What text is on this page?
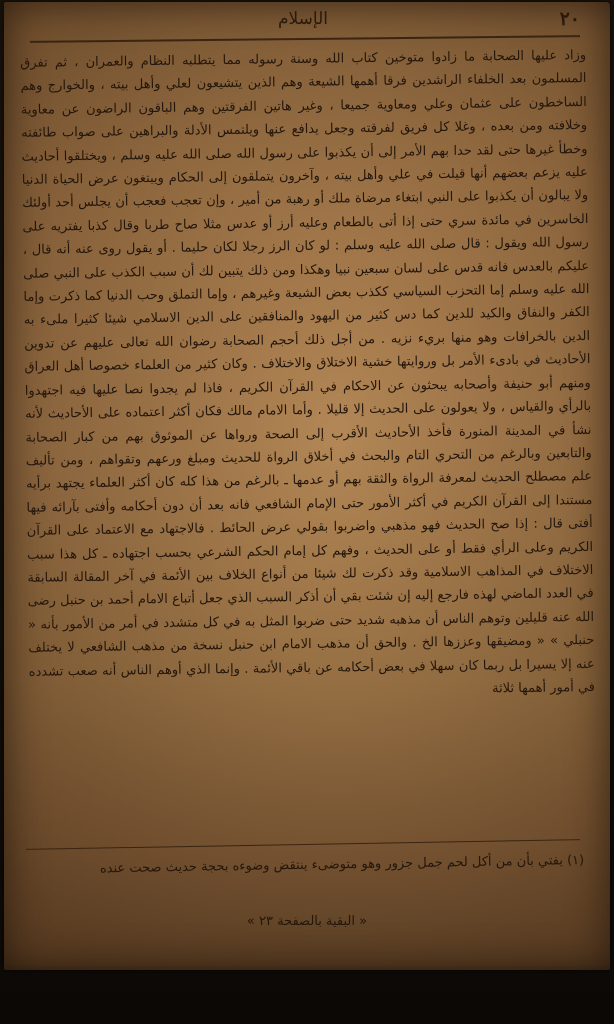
٢٠
الإسلام

وزاد عليها الصحابة ما زادوا متوخين كتاب الله وسنة رسوله مما يتطلبه النظام والعمران ، ثم تفرق المسلمون بعد الخلفاء الراشدين فرقا أهمها الشيعة وهم الذين يتشيعون لعلي وأهل بيته ، والخوارج وهم الساخطون على عثمان وعلي ومعاوية جميعا ، وغير هاتين الفرقتين وهم الباقون الراضون عن معاوية وخلافته ومن بعده ، وغلا كل فريق لفرقته وجعل يدافع عنها ويلتمس الأدلة والبراهين على صواب طائفته وخطأ غيرها حتى لقد حدا بهم الأمر إلى أن يكذبوا على رسول الله صلى الله عليه وسلم ، ويختلقوا أحاديث عليه يزعم بعضهم أنها قيلت في علي وأهل بيته ، وآخرون يتملقون إلى الحكام ويبتغون عرض الحياة الدنيا ولا يبالون أن يكذبوا على النبي ابتغاء مرضاة ملك أو رهبة من أمير ، وإن تعجب فعجب أن يجلس أحد أولئك الخاسرين في مائدة سري حتى إذا أتى بالطعام وعليه أرز أو عدس مثلا صاح طربا وقال كذبا يفتريه على رسول الله ويقول : قال صلى الله عليه وسلم : لو كان الرز رجلا لكان حليما . أو يقول روى عنه أنه قال ، عليكم بالعدس فانه قدس على لسان سبعين نبيا وهكذا ومن ذلك يتبين لك أن سبب الكذب على النبي صلى الله عليه وسلم إما التحزب السياسي ككذب بعض الشيعة وغيرهم ، وإما التملق وحب الدنيا كما ذكرت وإما الكفر والنفاق والكيد للدين كما دس كثير من اليهود والمنافقين على الدين الاسلامي شيئا كثيرا ملىء به الدين بالخرافات وهو منها بريء نزيه . من أجل ذلك أحجم الصحابة رضوان الله تعالى عليهم عن تدوين الأحاديث في بادىء الأمر بل وروايتها خشية الاختلاق والاختلاف . وكان كثير من العلماء خصوصا أهل العراق ومنهم أبو حنيفة وأصحابه يبحثون عن الاحكام في القرآن الكريم ، فاذا لم يجدوا نصا عليها فيه اجتهدوا بالرأي والقياس ، ولا يعولون على الحديث إلا قليلا . وأما الامام مالك فكان أكثر اعتماده على الأحاديث لأنه نشأ في المدينة المنورة فأخذ الأحاديث الأقرب إلى الصحة ورواها عن الموثوق بهم من كبار الصحابة والتابعين وبالرغم من التحري التام والبحث في أخلاق الرواة للحديث ومبلغ ورعهم وتقواهم ، ومن تأليف علم مصطلح الحديث لمعرفة الرواة والثقة بهم أو عدمها ـ بالرغم من هذا كله كان أكثر العلماء يجتهد برأيه مستندا إلى القرآن الكريم في أكثر الأمور حتى الإمام الشافعي فانه بعد أن دون أحكامه وأفتى بآرائه فيها أفتى قال : إذا صح الحديث فهو مذهبي واضربوا بقولي عرض الحائط . فالاجتهاد مع الاعتماد على القرآن الكريم وعلى الرأي فقط أو على الحديث ، وفهم كل إمام الحكم الشرعي بحسب اجتهاده ـ كل هذا سبب الاختلاف في المذاهب الاسلامية وقد ذكرت لك شيئا من أنواع الخلاف بين الأئمة في آخر المقالة السابقة في العدد الماضي لهذه فارجع إليه إن شئت بقي أن أذكر السبب الذي جعل أتباع الامام أحمد بن حنبل رضى الله عنه قليلين وتوهم الناس أن مذهبه شديد حتى ضربوا المثل به في كل متشدد في أمر من الأمور بأنه « حنبلي » « ومضيقها وعززها الخ . والحق أن مذهب الامام ابن حنبل نسخة من مذهب الشافعي لا يختلف عنه إلا يسيرا بل ربما كان سهلا في بعض أحكامه عن باقي الأئمة . وإنما الذي أوهم الناس أنه صعب تشدده في أمور أهمها ثلاثة

(١) يفتي بأن من أكل لحم جمل جزور وهو متوضىء ينتقض وضوءه بحجة حديث صحت عنده
« البقية بالصفحة ٢٣ »
